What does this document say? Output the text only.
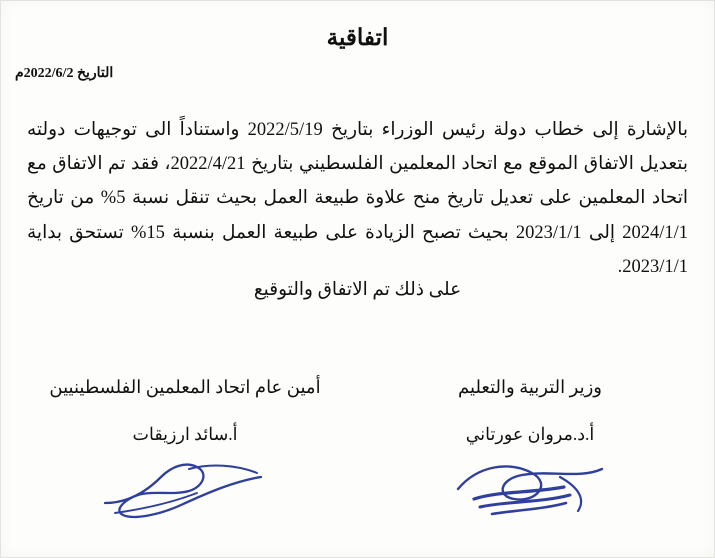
اتفاقية
التاريخ 2022/6/2م
بالإشارة إلى خطاب دولة رئيس الوزراء بتاريخ 2022/5/19 واستناداً الى توجيهات دولته بتعديل الاتفاق الموقع مع اتحاد المعلمين الفلسطيني بتاريخ 2022/4/21، فقد تم الاتفاق مع اتحاد المعلمين على تعديل تاريخ منح علاوة طبيعة العمل بحيث تنقل نسبة 5% من تاريخ 2024/1/1 إلى 2023/1/1 بحيث تصبح الزيادة على طبيعة العمل بنسبة 15% تستحق بداية 2023/1/1.
على ذلك تم الاتفاق والتوقيع
وزير التربية والتعليم
أ.د.مروان عورتاني
أمين عام اتحاد المعلمين الفلسطينيين
أ.سائد ارزيقات
